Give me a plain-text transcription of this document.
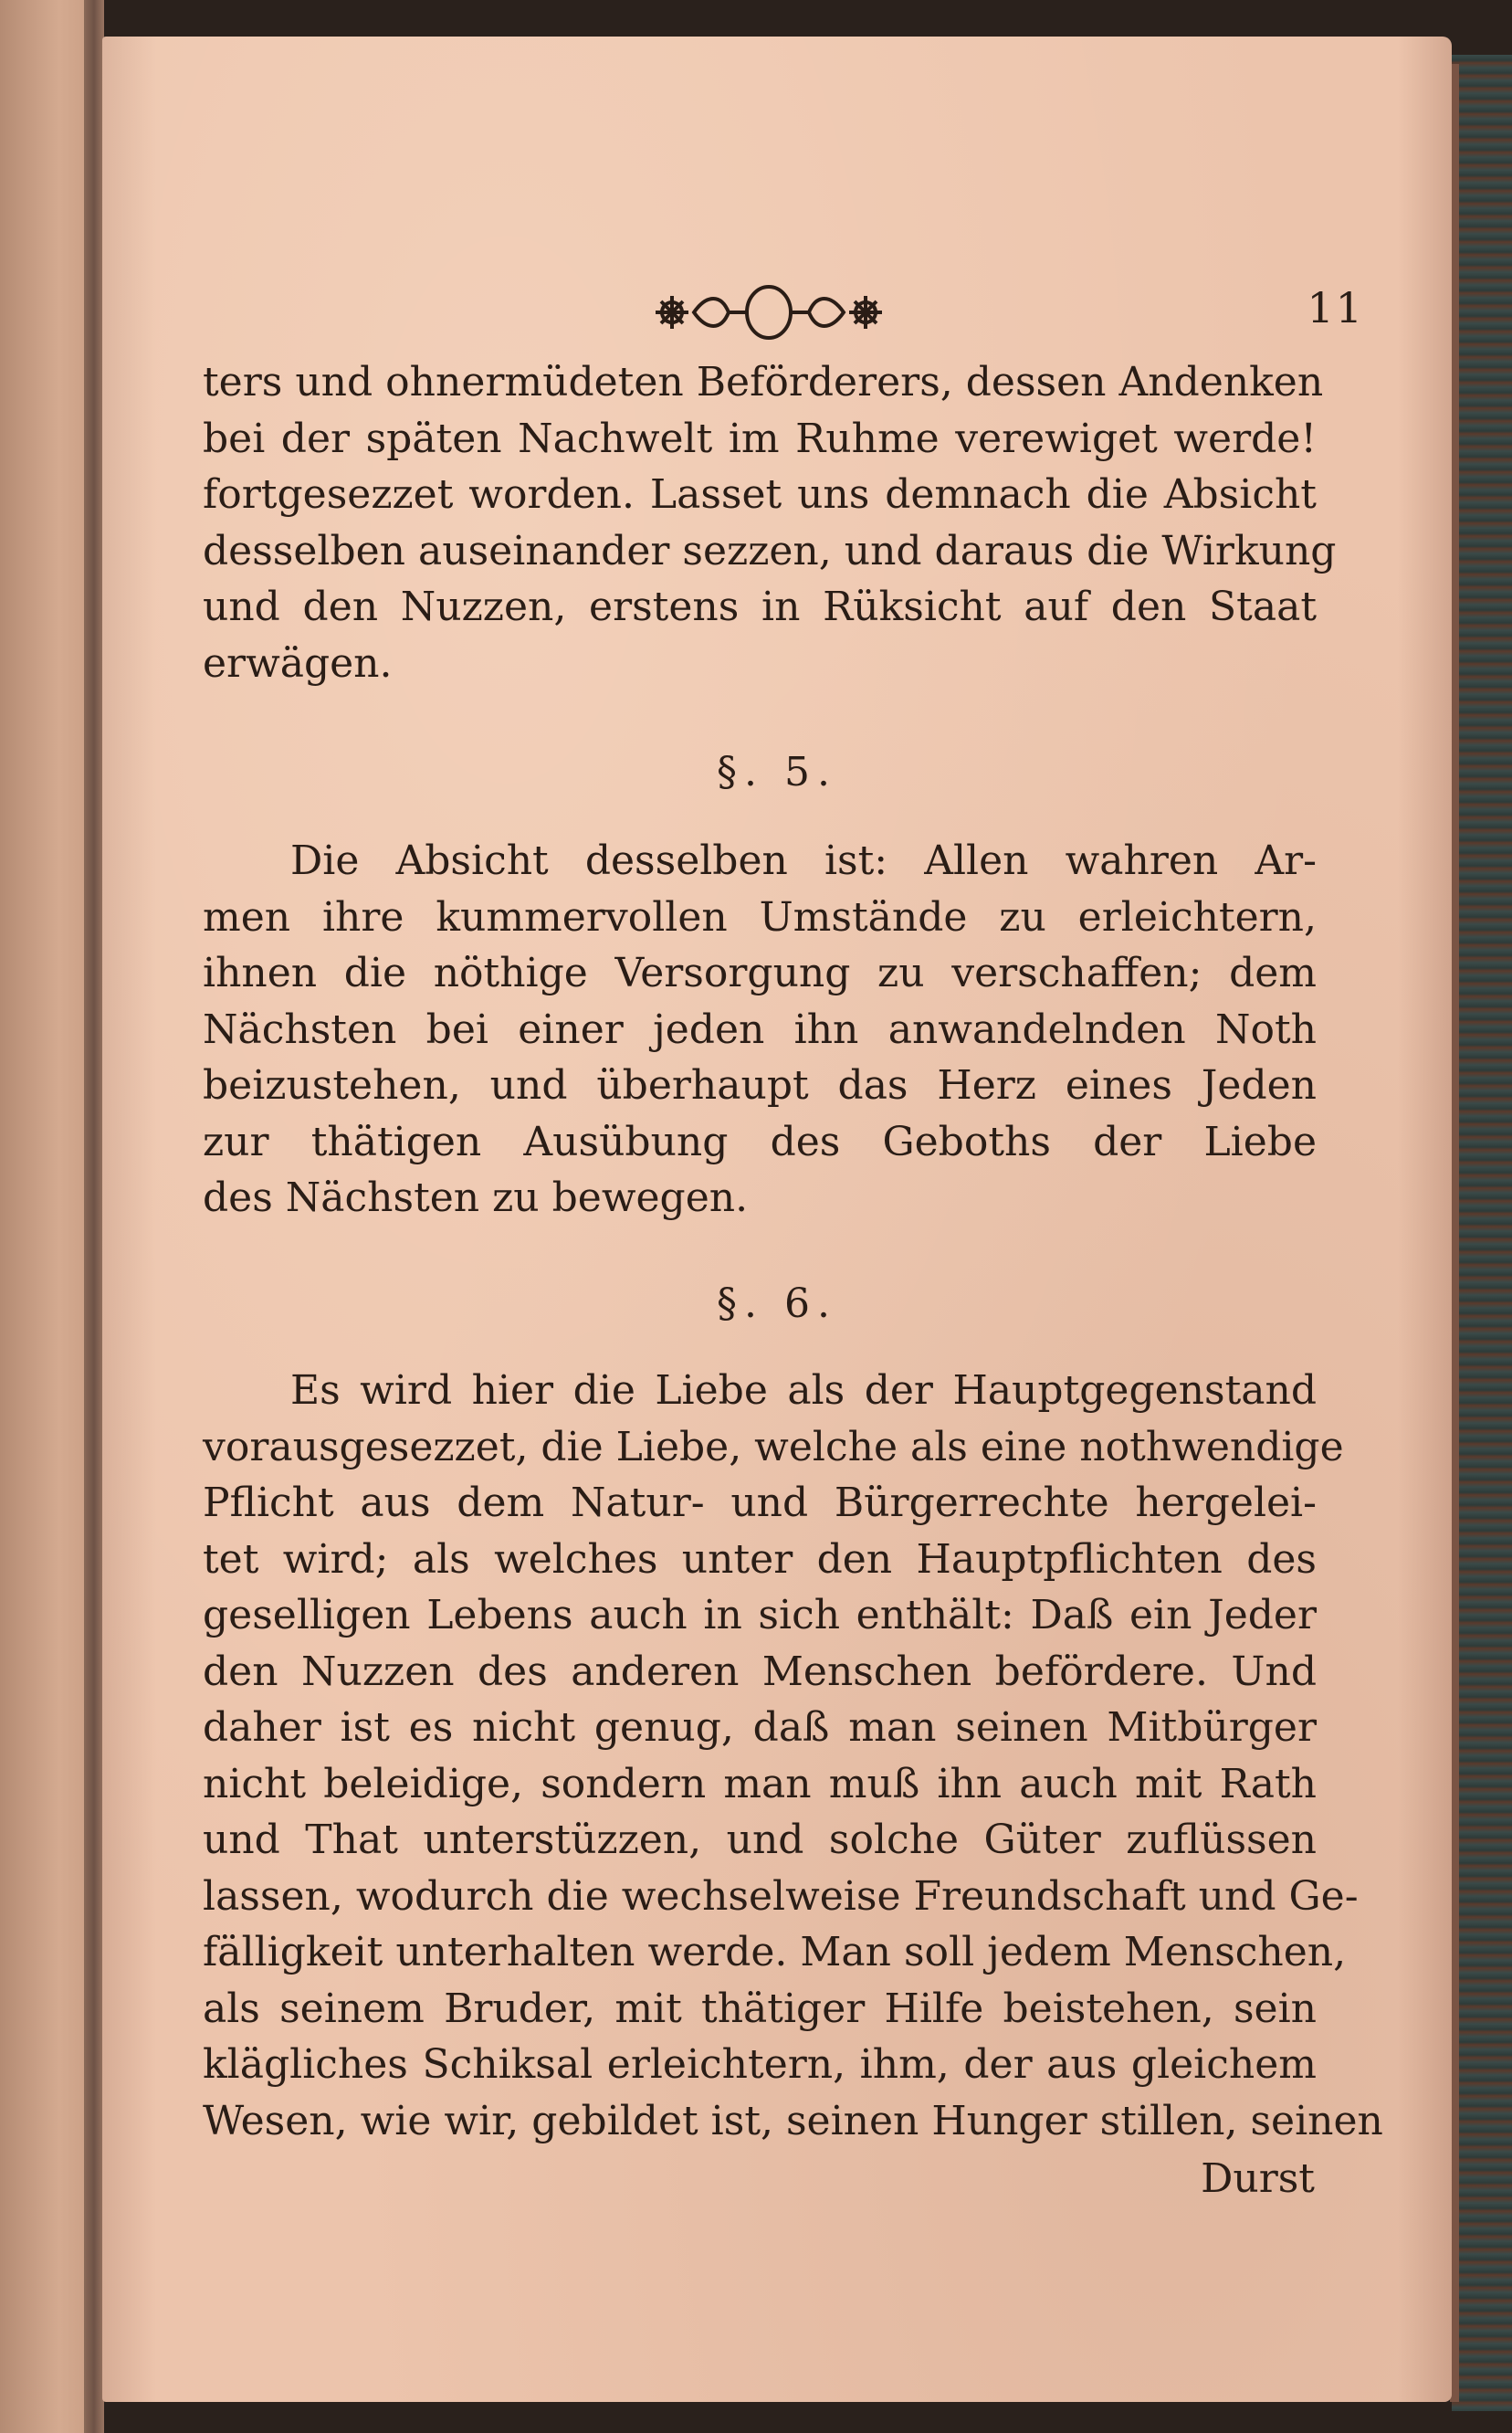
11
ters und ohnermüdeten Beförderers, dessen Andenken
bei der späten Nachwelt im Ruhme verewiget werde!
fortgesezzet worden. Lasset uns demnach die Absicht
desselben auseinander sezzen, und daraus die Wirkung
und den Nuzzen, erstens in Rüksicht auf den Staat
erwägen.
§. 5.
Die Absicht desselben ist: Allen wahren Ar-
men ihre kummervollen Umstände zu erleichtern,
ihnen die nöthige Versorgung zu verschaffen; dem
Nächsten bei einer jeden ihn anwandelnden Noth
beizustehen, und überhaupt das Herz eines Jeden
zur thätigen Ausübung des Geboths der Liebe
des Nächsten zu bewegen.
§. 6.
Es wird hier die Liebe als der Hauptgegenstand
vorausgesezzet, die Liebe, welche als eine nothwendige
Pflicht aus dem Natur- und Bürgerrechte hergelei-
tet wird; als welches unter den Hauptpflichten des
geselligen Lebens auch in sich enthält: Daß ein Jeder
den Nuzzen des anderen Menschen befördere. Und
daher ist es nicht genug, daß man seinen Mitbürger
nicht beleidige, sondern man muß ihn auch mit Rath
und That unterstüzzen, und solche Güter zuflüssen
lassen, wodurch die wechselweise Freundschaft und Ge-
fälligkeit unterhalten werde. Man soll jedem Menschen,
als seinem Bruder, mit thätiger Hilfe beistehen, sein
klägliches Schiksal erleichtern, ihm, der aus gleichem
Wesen, wie wir, gebildet ist, seinen Hunger stillen, seinen
Durst
